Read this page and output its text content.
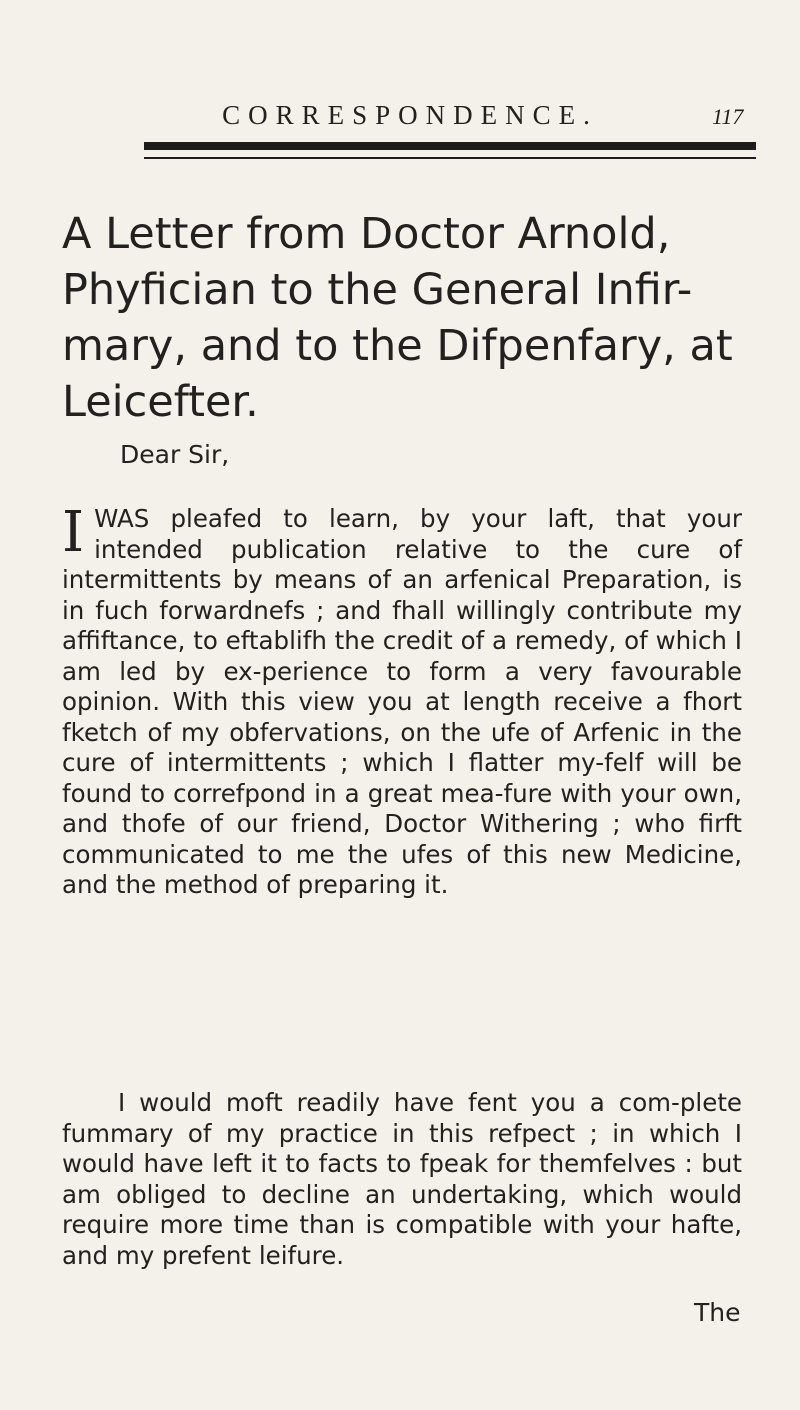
CORRESPONDENCE.	117
A Letter from Doctor Arnold, Phyfician to the General Infir-mary, and to the Difpenfary, at Leicefter.
Dear Sir,

I WAS pleafed to learn, by your laft, that your intended publication relative to the cure of intermittents by means of an arfenical Preparation, is in fuch forwardnefs ; and fhall willingly contribute my affiftance, to eftablifh the credit of a remedy, of which I am led by ex-perience to form a very favourable opinion. With this view you at length receive a fhort fketch of my obfervations, on the ufe of Arfenic in the cure of intermittents ; which I flatter my-felf will be found to correfpond in a great mea-fure with your own, and thofe of our friend, Doctor Withering ; who firft communicated to me the ufes of this new Medicine, and the method of preparing it.

I would moft readily have fent you a com-plete fummary of my practice in this refpect ; in which I would have left it to facts to fpeak for themfelves : but am obliged to decline an undertaking, which would require more time than is compatible with your hafte, and my prefent leifure.

The
